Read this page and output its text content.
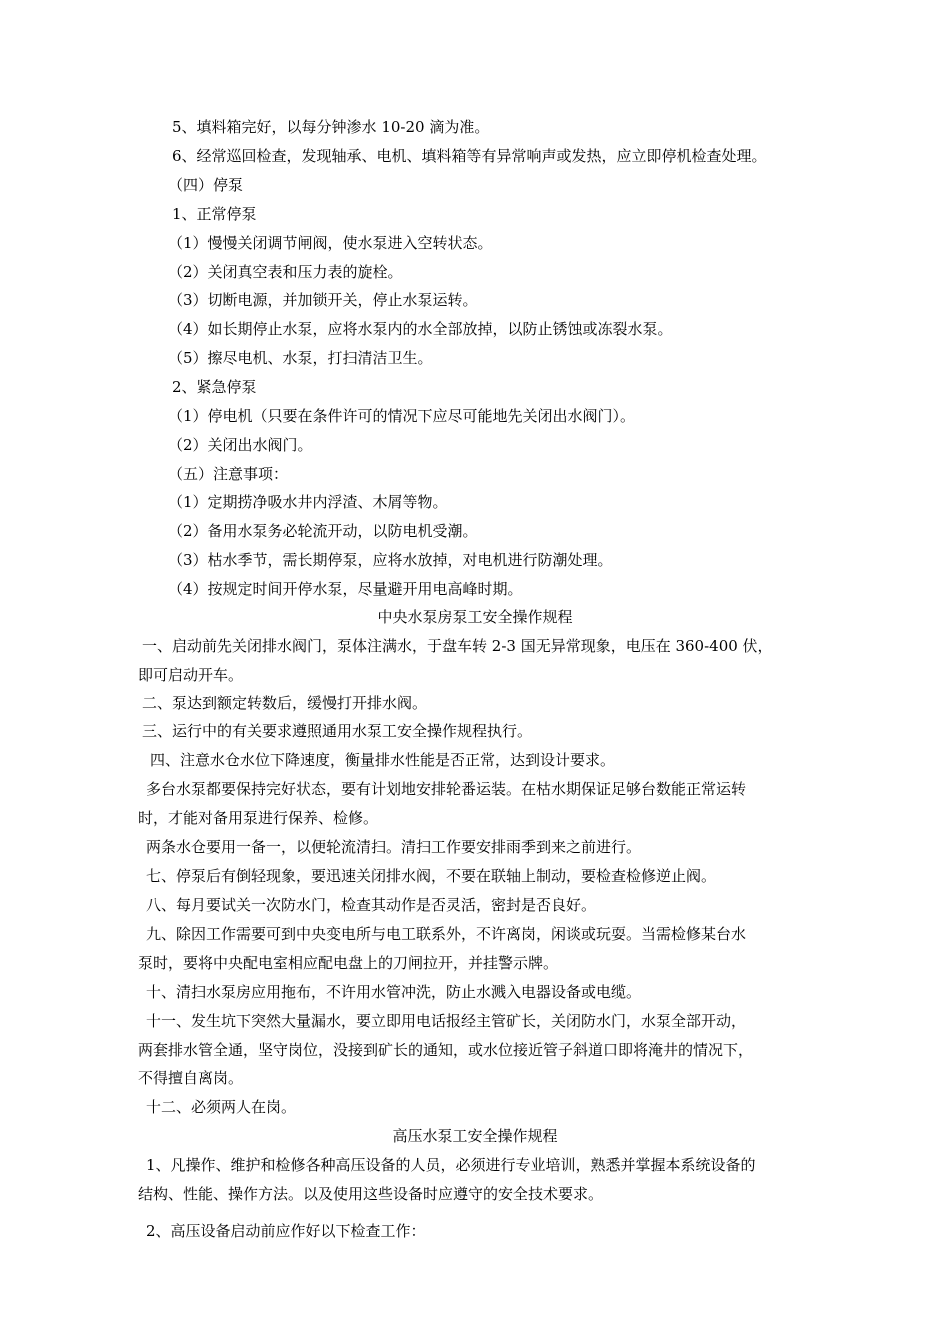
5、填料箱完好，以每分钟渗水 10-20 滴为准。
6、经常巡回检查，发现轴承、电机、填料箱等有异常响声或发热，应立即停机检查处理。
（四）停泵
1、正常停泵
（1）慢慢关闭调节闸阀，使水泵进入空转状态。
（2）关闭真空表和压力表的旋栓。
（3）切断电源，并加锁开关，停止水泵运转。
（4）如长期停止水泵，应将水泵内的水全部放掉，以防止锈蚀或冻裂水泵。
（5）擦尽电机、水泵，打扫清洁卫生。
2、紧急停泵
（1）停电机（只要在条件许可的情况下应尽可能地先关闭出水阀门）。
（2）关闭出水阀门。
（五）注意事项：
（1）定期捞净吸水井内浮渣、木屑等物。
（2）备用水泵务必轮流开动，以防电机受潮。
（3）枯水季节，需长期停泵，应将水放掉，对电机进行防潮处理。
（4）按规定时间开停水泵，尽量避开用电高峰时期。
中央水泵房泵工安全操作规程
一、启动前先关闭排水阀门，泵体注满水，于盘车转 2-3 国无异常现象，电压在 360-400 伏，
即可启动开车。
二、泵达到额定转数后，缓慢打开排水阀。
三、运行中的有关要求遵照通用水泵工安全操作规程执行。
四、注意水仓水位下降速度，衡量排水性能是否正常，达到设计要求。
多台水泵都要保持完好状态，要有计划地安排轮番运装。在枯水期保证足够台数能正常运转
时，才能对备用泵进行保养、检修。
两条水仓要用一备一，以便轮流清扫。清扫工作要安排雨季到来之前进行。
七、停泵后有倒轻现象，要迅速关闭排水阀，不要在联轴上制动，要检查检修逆止阀。
八、每月要试关一次防水门，检查其动作是否灵活，密封是否良好。
九、除因工作需要可到中央变电所与电工联系外，不许离岗，闲谈或玩耍。当需检修某台水
泵时，要将中央配电室相应配电盘上的刀闸拉开，并挂警示牌。
十、清扫水泵房应用拖布，不许用水管冲洗，防止水溅入电器设备或电缆。
十一、发生坑下突然大量漏水，要立即用电话报经主管矿长，关闭防水门，水泵全部开动，
两套排水管全通，坚守岗位，没接到矿长的通知，或水位接近管子斜道口即将淹井的情况下，
不得擅自离岗。
十二、必须两人在岗。
高压水泵工安全操作规程
1、凡操作、维护和检修各种高压设备的人员，必须进行专业培训，熟悉并掌握本系统设备的
结构、性能、操作方法。以及使用这些设备时应遵守的安全技术要求。
2、高压设备启动前应作好以下检查工作：
